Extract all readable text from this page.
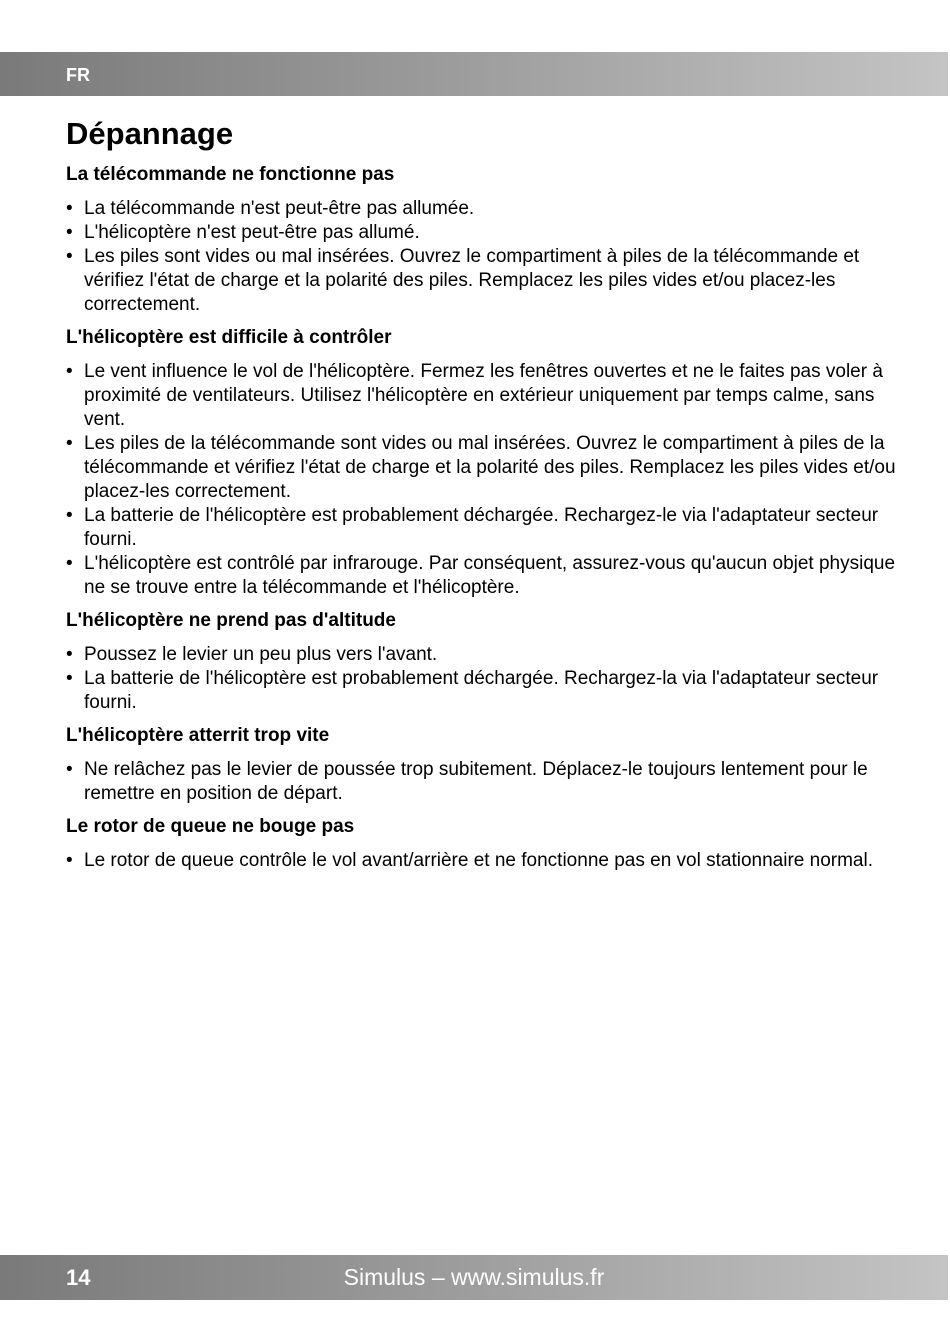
FR
Dépannage
La télécommande ne fonctionne pas
• La télécommande n'est peut-être pas allumée.
• L'hélicoptère n'est peut-être pas allumé.
• Les piles sont vides ou mal insérées. Ouvrez le compartiment à piles de la télécommande et vérifiez l'état de charge et la polarité des piles. Remplacez les piles vides et/ou placez-les correctement.
L'hélicoptère est difficile à contrôler
• Le vent influence le vol de l'hélicoptère. Fermez les fenêtres ouvertes et ne le faites pas voler à proximité de ventilateurs. Utilisez l'hélicoptère en extérieur uniquement par temps calme, sans vent.
• Les piles de la télécommande sont vides ou mal insérées. Ouvrez le compartiment à piles de la télécommande et vérifiez l'état de charge et la polarité des piles. Remplacez les piles vides et/ou placez-les correctement.
• La batterie de l'hélicoptère est probablement déchargée. Rechargez-le via l'adaptateur secteur fourni.
• L'hélicoptère est contrôlé par infrarouge. Par conséquent, assurez-vous qu'aucun objet physique ne se trouve entre la télécommande et l'hélicoptère.
L'hélicoptère ne prend pas d'altitude
• Poussez le levier un peu plus vers l'avant.
• La batterie de l'hélicoptère est probablement déchargée. Rechargez-la via l'adaptateur secteur fourni.
L'hélicoptère atterrit trop vite
• Ne relâchez pas le levier de poussée trop subitement. Déplacez-le toujours lentement pour le remettre en position de départ.
Le rotor de queue ne bouge pas
• Le rotor de queue contrôle le vol avant/arrière et ne fonctionne pas en vol stationnaire normal.
14	Simulus – www.simulus.fr
